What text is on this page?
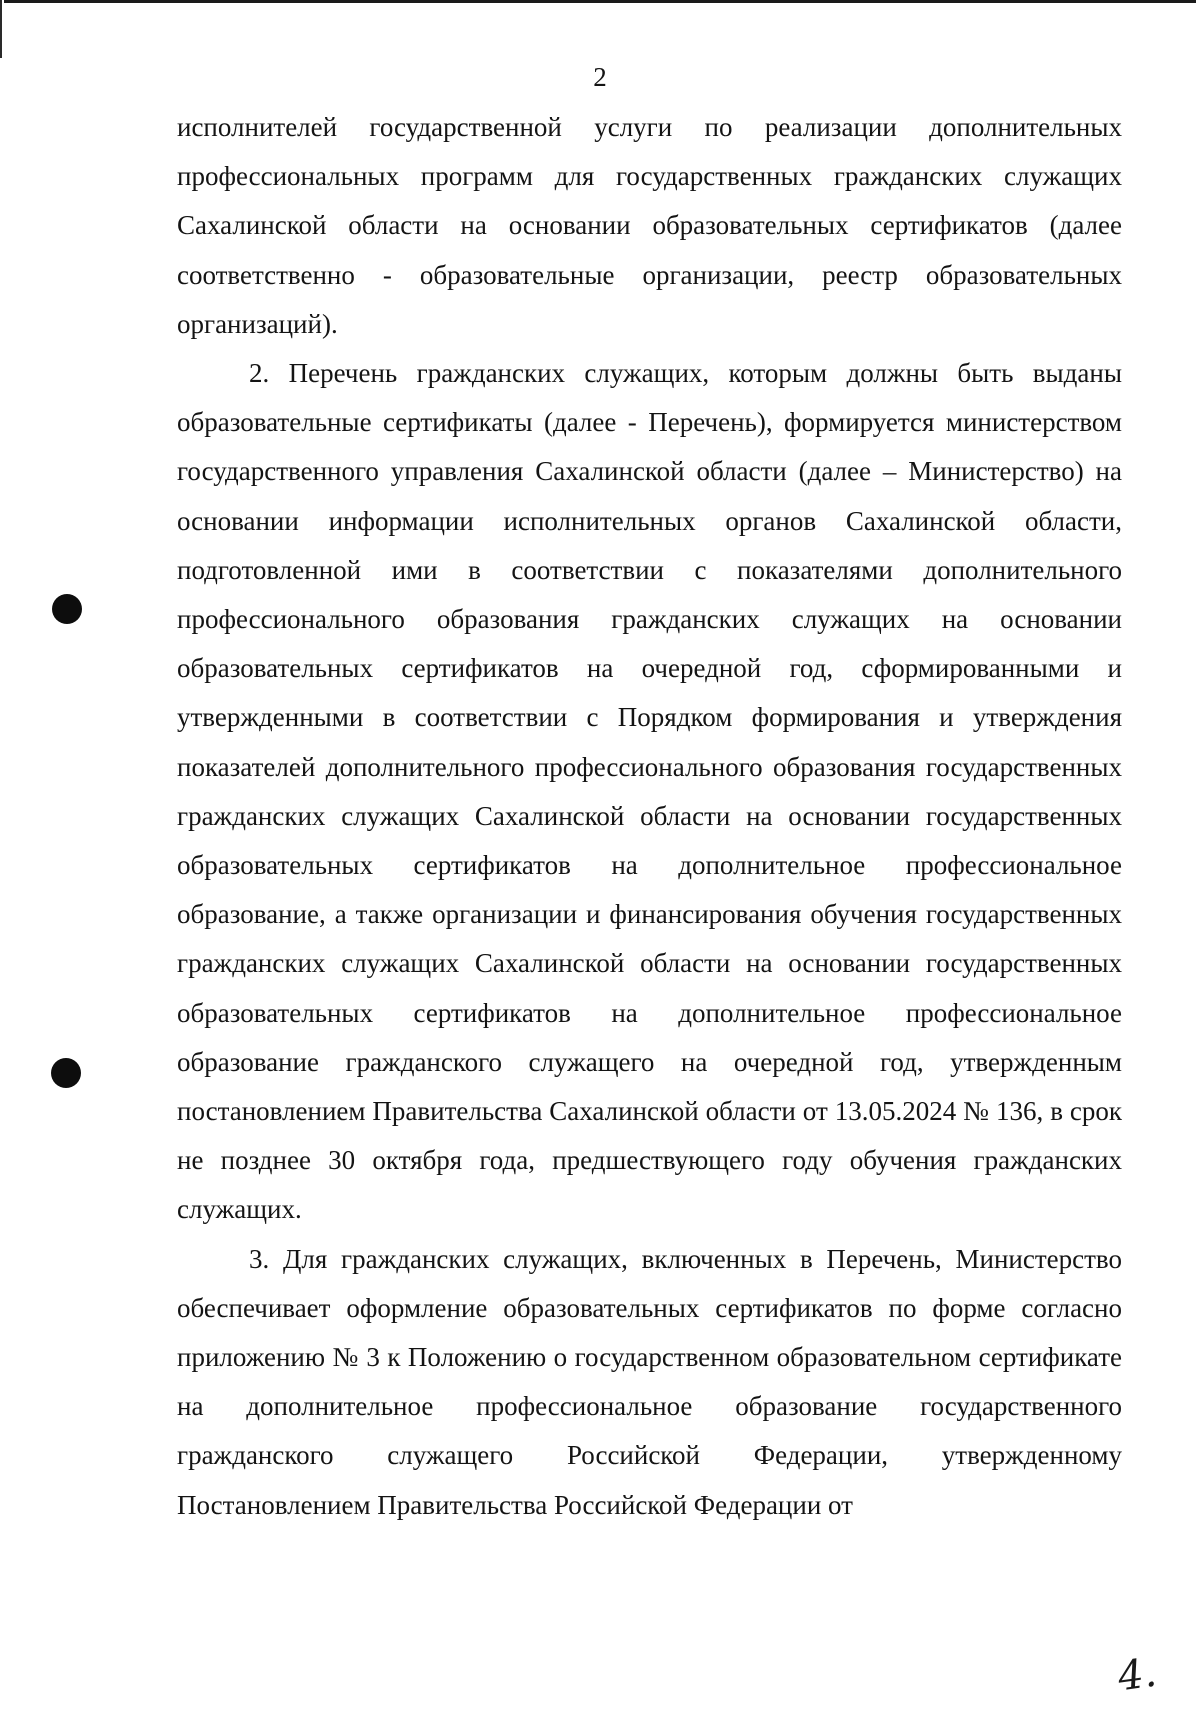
2

исполнителей государственной услуги по реализации дополнительных профессиональных программ для государственных гражданских служащих Сахалинской области на основании образовательных сертификатов (далее соответственно - образовательные организации, реестр образовательных организаций).

2. Перечень гражданских служащих, которым должны быть выданы образовательные сертификаты (далее - Перечень), формируется министерством государственного управления Сахалинской области (далее – Министерство) на основании информации исполнительных органов Сахалинской области, подготовленной ими в соответствии с показателями дополнительного профессионального образования гражданских служащих на основании образовательных сертификатов на очередной год, сформированными и утвержденными в соответствии с Порядком формирования и утверждения показателей дополнительного профессионального образования государственных гражданских служащих Сахалинской области на основании государственных образовательных сертификатов на дополнительное профессиональное образование, а также организации и финансирования обучения государственных гражданских служащих Сахалинской области на основании государственных образовательных сертификатов на дополнительное профессиональное образование гражданского служащего на очередной год, утвержденным постановлением Правительства Сахалинской области от 13.05.2024 № 136, в срок не позднее 30 октября года, предшествующего году обучения гражданских служащих.

3. Для гражданских служащих, включенных в Перечень, Министерство обеспечивает оформление образовательных сертификатов по форме согласно приложению № 3 к Положению о государственном образовательном сертификате на дополнительное профессиональное образование государственного гражданского служащего Российской Федерации, утвержденному Постановлением Правительства Российской Федерации от

4.
